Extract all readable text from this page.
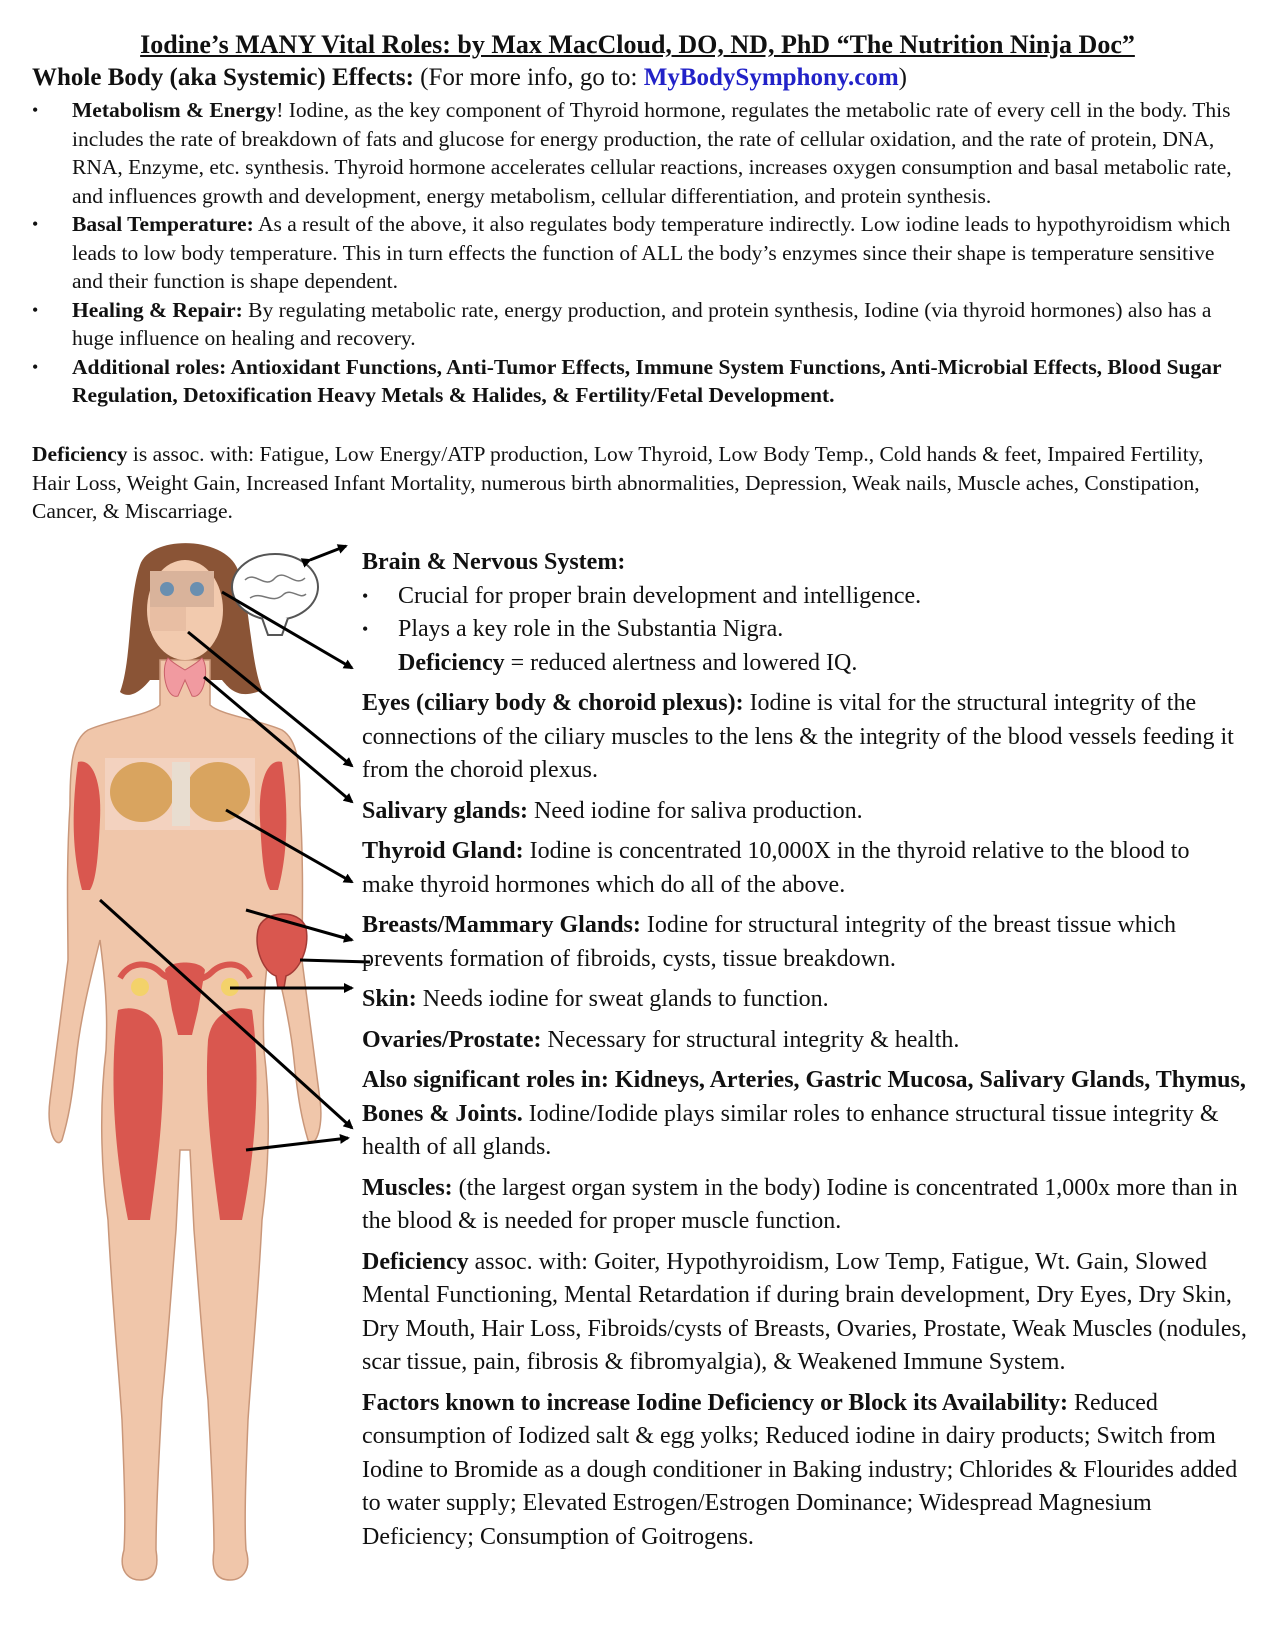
Iodine’s MANY Vital Roles: by Max MacCloud, DO, ND, PhD “The Nutrition Ninja Doc”
Whole Body (aka Systemic) Effects: (For more info, go to: MyBodySymphony.com)
• Metabolism & Energy! Iodine, as the key component of Thyroid hormone, regulates the metabolic rate of every cell in the body. This includes the rate of breakdown of fats and glucose for energy production, the rate of cellular oxidation, and the rate of protein, DNA, RNA, Enzyme, etc. synthesis. Thyroid hormone accelerates cellular reactions, increases oxygen consumption and basal metabolic rate, and influences growth and development, energy metabolism, cellular differentiation, and protein synthesis.
• Basal Temperature: As a result of the above, it also regulates body temperature indirectly. Low iodine leads to hypothyroidism which leads to low body temperature. This in turn effects the function of ALL the body’s enzymes since their shape is temperature sensitive and their function is shape dependent.
• Healing & Repair: By regulating metabolic rate, energy production, and protein synthesis, Iodine (via thyroid hormones) also has a huge influence on healing and recovery.
• Additional roles: Antioxidant Functions, Anti-Tumor Effects, Immune System Functions, Anti-Microbial Effects, Blood Sugar Regulation, Detoxification Heavy Metals & Halides, & Fertility/Fetal Development.
Deficiency is assoc. with: Fatigue, Low Energy/ATP production, Low Thyroid, Low Body Temp., Cold hands & feet, Impaired Fertility, Hair Loss, Weight Gain, Increased Infant Mortality, numerous birth abnormalities, Depression, Weak nails, Muscle aches, Constipation, Cancer, & Miscarriage.
Brain & Nervous System:
• Crucial for proper brain development and intelligence.
• Plays a key role in the Substantia Nigra.
Deficiency = reduced alertness and lowered IQ.

Eyes (ciliary body & choroid plexus): Iodine is vital for the structural integrity of the connections of the ciliary muscles to the lens & the integrity of the blood vessels feeding it from the choroid plexus.

Salivary glands: Need iodine for saliva production.

Thyroid Gland: Iodine is concentrated 10,000X in the thyroid relative to the blood to make thyroid hormones which do all of the above.

Breasts/Mammary Glands: Iodine for structural integrity of the breast tissue which prevents formation of fibroids, cysts, tissue breakdown.

Skin: Needs iodine for sweat glands to function.

Ovaries/Prostate: Necessary for structural integrity & health.

Also significant roles in: Kidneys, Arteries, Gastric Mucosa, Salivary Glands, Thymus, Bones & Joints. Iodine/Iodide plays similar roles to enhance structural tissue integrity & health of all glands.

Muscles: (the largest organ system in the body) Iodine is concentrated 1,000x more than in the blood & is needed for proper muscle function.

Deficiency assoc. with: Goiter, Hypothyroidism, Low Temp, Fatigue, Wt. Gain, Slowed Mental Functioning, Mental Retardation if during brain development, Dry Eyes, Dry Skin, Dry Mouth, Hair Loss, Fibroids/cysts of Breasts, Ovaries, Prostate, Weak Muscles (nodules, scar tissue, pain, fibrosis & fibromyalgia), & Weakened Immune System.

Factors known to increase Iodine Deficiency or Block its Availability: Reduced consumption of Iodized salt & egg yolks; Reduced iodine in dairy products; Switch from Iodine to Bromide as a dough conditioner in Baking industry; Chlorides & Flourides added to water supply; Elevated Estrogen/Estrogen Dominance; Widespread Magnesium Deficiency; Consumption of Goitrogens.
